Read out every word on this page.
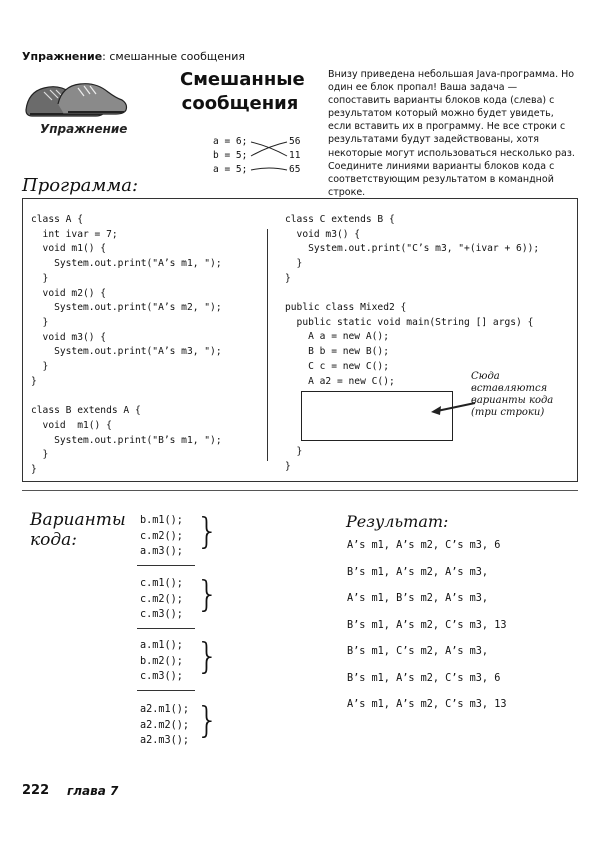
Упражнение: смешанные сообщения
Упражнение
Смешанные
сообщения
a = 6;
b = 5;
a = 5;
56
11
65
Внизу приведена небольшая Java-программа. Но один ее блок пропал! Ваша задача — сопоставить варианты блоков кода (слева) с результатом который можно будет увидеть, если вставить их в программу. Не все строки с результатами будут задействованы, хотя некоторые могут использоваться несколько раз. Соедините линиями варианты блоков кода с соответствующим результатом в командной строке.
Программа:
class A {
int ivar = 7;
void m1() {
System.out.print("A’s m1, ");
}
void m2() {
System.out.print("A’s m2, ");
}
void m3() {
System.out.print("A’s m3, ");
}
}
class B extends A {
void  m1() {
System.out.print("B’s m1, ");
}
}
class C extends B {
void m3() {
System.out.print("C’s m3, "+(ivar + 6));
}
}
public class Mixed2 {
public static void main(String [] args) {
A a = new A();
B b = new B();
C c = new C();
A a2 = new C();
}
}
Сюда вставляются варианты кода (три строки)
Варианты
кода:
b.m1();
c.m2();
a.m3(); }
c.m1();
c.m2();
c.m3(); }
a.m1();
b.m2();
c.m3(); }
a2.m1();
a2.m2();
a2.m3(); }
Результат:
A’s m1, A’s m2, C’s m3, 6
B’s m1, A’s m2, A’s m3,
A’s m1, B’s m2, A’s m3,
B’s m1, A’s m2, C’s m3, 13
B’s m1, C’s m2, A’s m3,
B’s m1, A’s m2, C’s m3, 6
A’s m1, A’s m2, C’s m3, 13
222 глава 7
